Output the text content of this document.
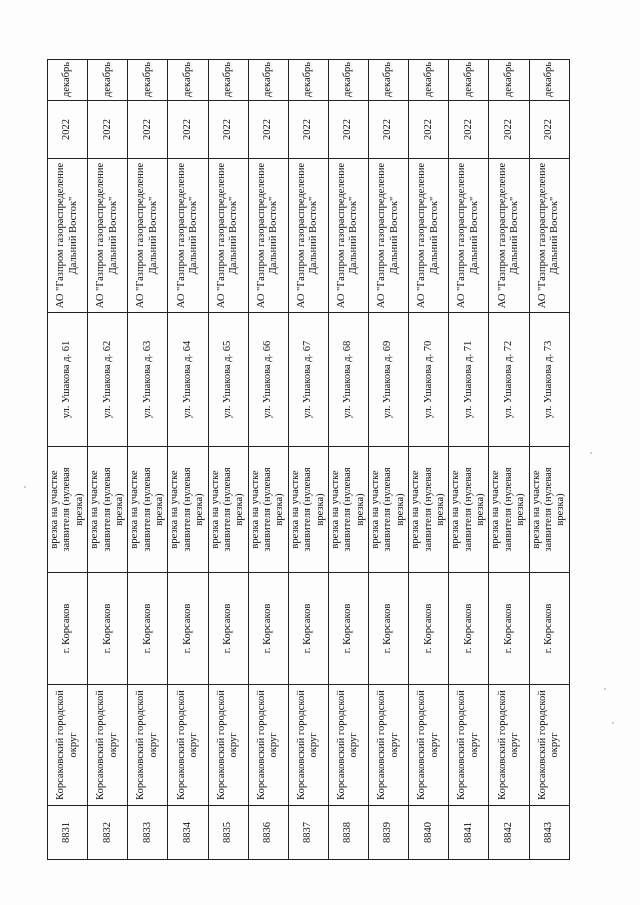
8831	Корсаковский городской округ	г. Корсаков	врезка на участке заявителя (нулевая врезка)	ул. Ушакова д. 61	АО "Газпром газораспределение Дальний Восток"	2022	декабрь
8832	Корсаковский городской округ	г. Корсаков	врезка на участке заявителя (нулевая врезка)	ул. Ушакова д. 62	АО "Газпром газораспределение Дальний Восток"	2022	декабрь
8833	Корсаковский городской округ	г. Корсаков	врезка на участке заявителя (нулевая врезка)	ул. Ушакова д. 63	АО "Газпром газораспределение Дальний Восток"	2022	декабрь
8834	Корсаковский городской округ	г. Корсаков	врезка на участке заявителя (нулевая врезка)	ул. Ушакова д. 64	АО "Газпром газораспределение Дальний Восток"	2022	декабрь
8835	Корсаковский городской округ	г. Корсаков	врезка на участке заявителя (нулевая врезка)	ул. Ушакова д. 65	АО "Газпром газораспределение Дальний Восток"	2022	декабрь
8836	Корсаковский городской округ	г. Корсаков	врезка на участке заявителя (нулевая врезка)	ул. Ушакова д. 66	АО "Газпром газораспределение Дальний Восток"	2022	декабрь
8837	Корсаковский городской округ	г. Корсаков	врезка на участке заявителя (нулевая врезка)	ул. Ушакова д. 67	АО "Газпром газораспределение Дальний Восток"	2022	декабрь
8838	Корсаковский городской округ	г. Корсаков	врезка на участке заявителя (нулевая врезка)	ул. Ушакова д. 68	АО "Газпром газораспределение Дальний Восток"	2022	декабрь
8839	Корсаковский городской округ	г. Корсаков	врезка на участке заявителя (нулевая врезка)	ул. Ушакова д. 69	АО "Газпром газораспределение Дальний Восток"	2022	декабрь
8840	Корсаковский городской округ	г. Корсаков	врезка на участке заявителя (нулевая врезка)	ул. Ушакова д. 70	АО "Газпром газораспределение Дальний Восток"	2022	декабрь
8841	Корсаковский городской округ	г. Корсаков	врезка на участке заявителя (нулевая врезка)	ул. Ушакова д. 71	АО "Газпром газораспределение Дальний Восток"	2022	декабрь
8842	Корсаковский городской округ	г. Корсаков	врезка на участке заявителя (нулевая врезка)	ул. Ушакова д. 72	АО "Газпром газораспределение Дальний Восток"	2022	декабрь
8843	Корсаковский городской округ	г. Корсаков	врезка на участке заявителя (нулевая врезка)	ул. Ушакова д. 73	АО "Газпром газораспределение Дальний Восток"	2022	декабрь
